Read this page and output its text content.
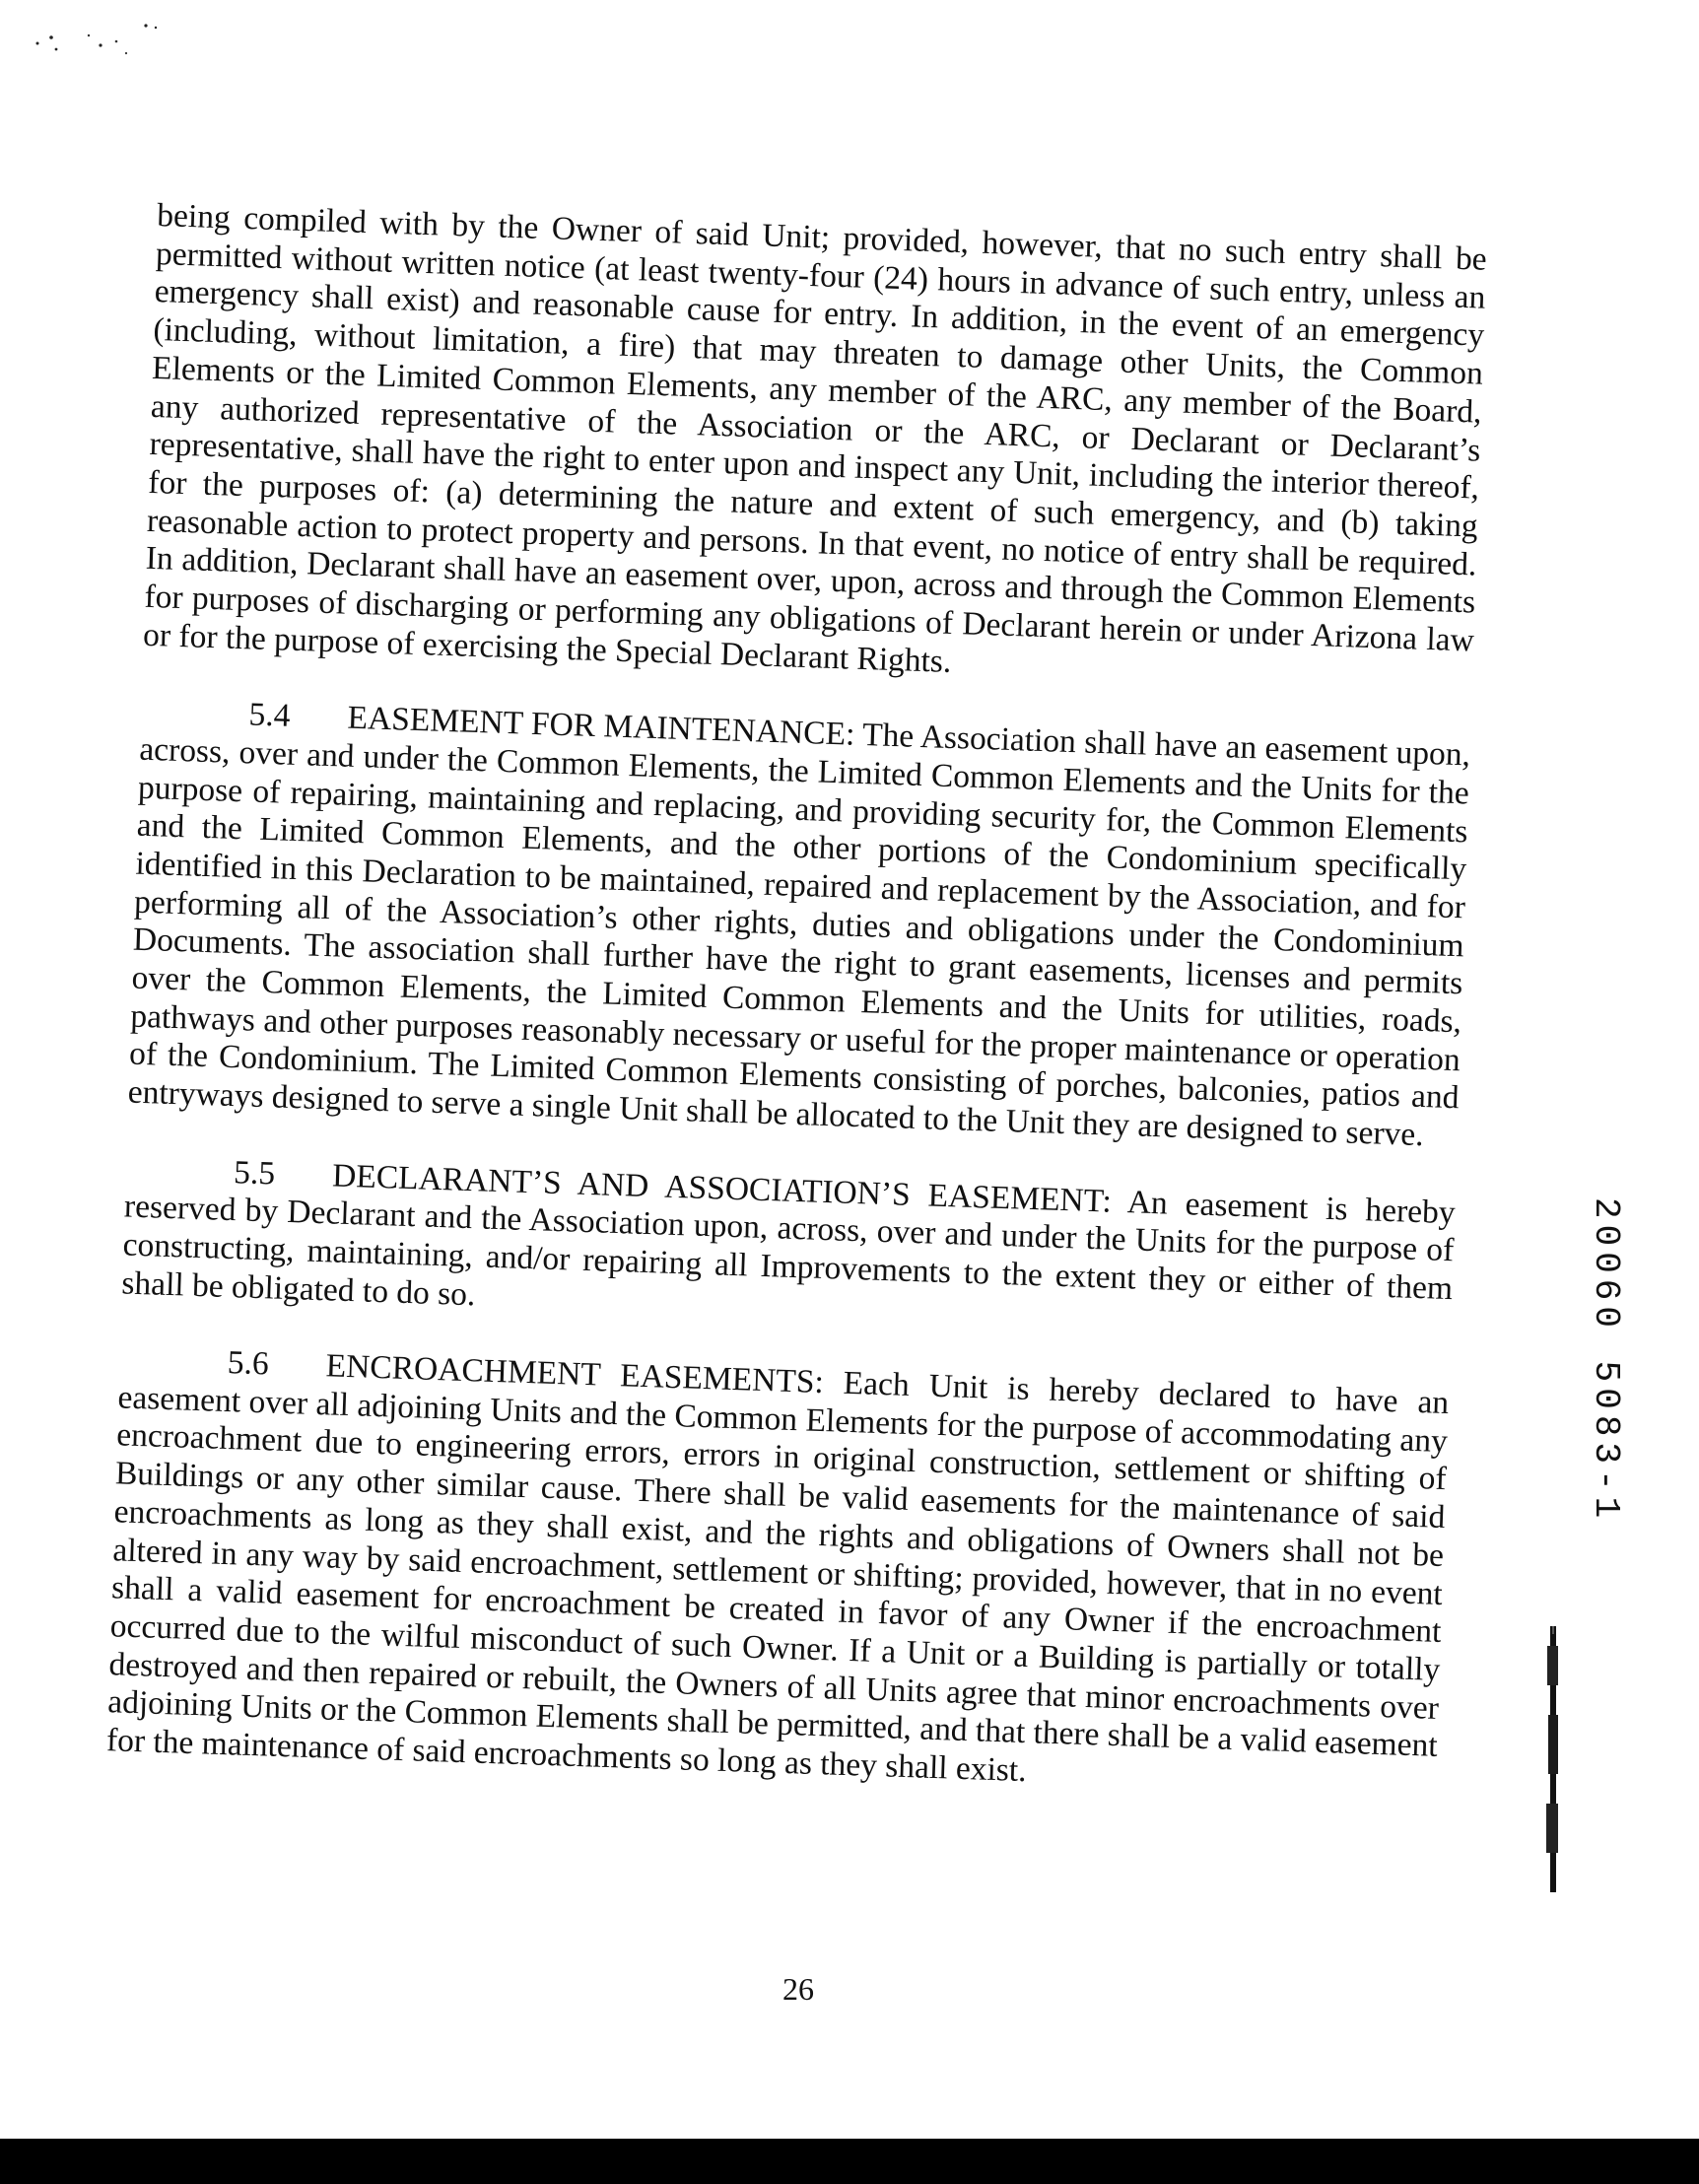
being compiled with by the Owner of said Unit; provided, however, that no such entry shall be permitted without written notice (at least twenty-four (24) hours in advance of such entry, unless an emergency shall exist) and reasonable cause for entry. In addition, in the event of an emergency (including, without limitation, a fire) that may threaten to damage other Units, the Common Elements or the Limited Common Elements, any member of the ARC, any member of the Board, any authorized representative of the Association or the ARC, or Declarant or Declarant’s representative, shall have the right to enter upon and inspect any Unit, including the interior thereof, for the purposes of: (a) determining the nature and extent of such emergency, and (b) taking reasonable action to protect property and persons. In that event, no notice of entry shall be required. In addition, Declarant shall have an easement over, upon, across and through the Common Elements for purposes of discharging or performing any obligations of Declarant herein or under Arizona law or for the purpose of exercising the Special Declarant Rights.

5.4 EASEMENT FOR MAINTENANCE: The Association shall have an easement upon, across, over and under the Common Elements, the Limited Common Elements and the Units for the purpose of repairing, maintaining and replacing, and providing security for, the Common Elements and the Limited Common Elements, and the other portions of the Condominium specifically identified in this Declaration to be maintained, repaired and replacement by the Association, and for performing all of the Association’s other rights, duties and obligations under the Condominium Documents. The association shall further have the right to grant easements, licenses and permits over the Common Elements, the Limited Common Elements and the Units for utilities, roads, pathways and other purposes reasonably necessary or useful for the proper maintenance or operation of the Condominium. The Limited Common Elements consisting of porches, balconies, patios and entryways designed to serve a single Unit shall be allocated to the Unit they are designed to serve.

5.5 DECLARANT’S AND ASSOCIATION’S EASEMENT: An easement is hereby reserved by Declarant and the Association upon, across, over and under the Units for the purpose of constructing, maintaining, and/or repairing all Improvements to the extent they or either of them shall be obligated to do so.

5.6 ENCROACHMENT EASEMENTS: Each Unit is hereby declared to have an easement over all adjoining Units and the Common Elements for the purpose of accommodating any encroachment due to engineering errors, errors in original construction, settlement or shifting of Buildings or any other similar cause. There shall be valid easements for the maintenance of said encroachments as long as they shall exist, and the rights and obligations of Owners shall not be altered in any way by said encroachment, settlement or shifting; provided, however, that in no event shall a valid easement for encroachment be created in favor of any Owner if the encroachment occurred due to the wilful misconduct of such Owner. If a Unit or a Building is partially or totally destroyed and then repaired or rebuilt, the Owners of all Units agree that minor encroachments over adjoining Units or the Common Elements shall be permitted, and that there shall be a valid easement for the maintenance of said encroachments so long as they shall exist.

20060 5083-1
26
